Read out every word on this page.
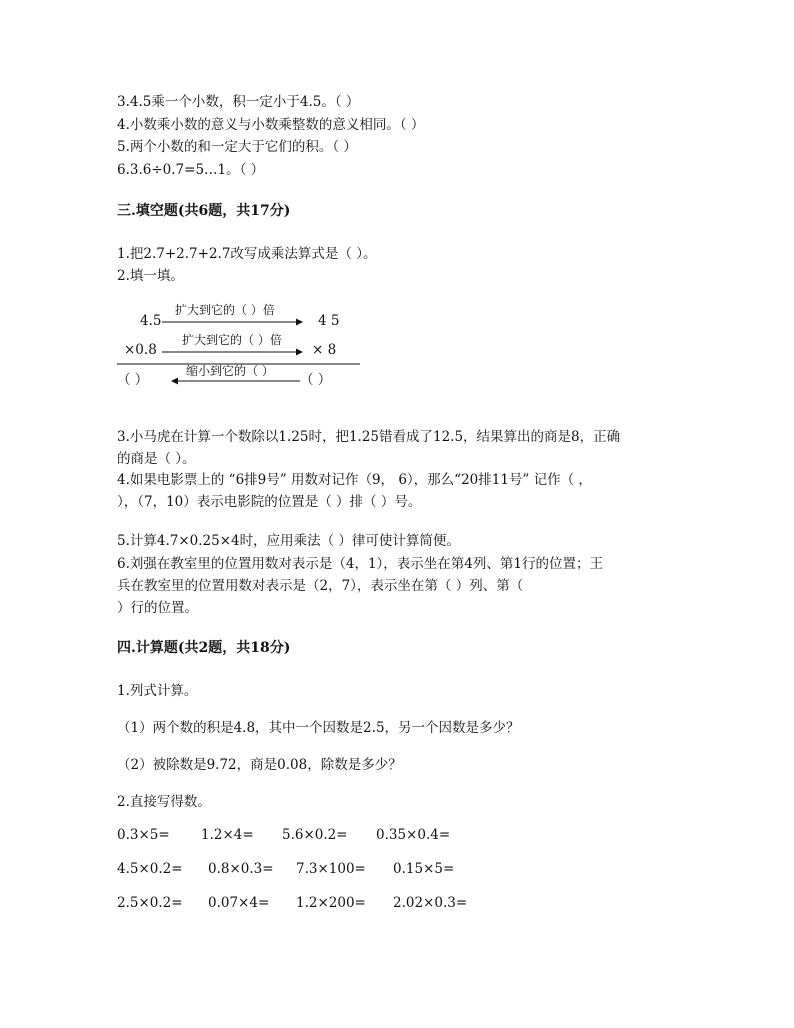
3.4.5乘一个小数，积一定小于4.5。（ ）
4.小数乘小数的意义与小数乘整数的意义相同。（ ）
5.两个小数的和一定大于它们的积。（ ）
6.3.6÷0.7=5…1。（ ）
三.填空题(共6题，共17分)
1.把2.7+2.7+2.7改写成乘法算式是（ ）。
2.填一填。
4.5
×0.8
（ ）
4 5
× 8
（ ）
扩大到它的（ ）倍
扩大到它的（ ）倍
缩小到它的（ ）
3.小马虎在计算一个数除以1.25时，把1.25错看成了12.5，结果算出的商是8，正确
的商是（ ）。
4.如果电影票上的 “6排9号” 用数对记作（9， 6），那么“20排11号” 记作（ ，
），（7，10）表示电影院的位置是（ ）排（ ）号。
5.计算4.7×0.25×4时，应用乘法（ ）律可使计算简便。
6.刘强在教室里的位置用数对表示是（4，1），表示坐在第4列、第1行的位置；王
兵在教室里的位置用数对表示是（2，7），表示坐在第（ ）列、第（
）行的位置。
四.计算题(共2题，共18分)
1.列式计算。
（1）两个数的积是4.8，其中一个因数是2.5，另一个因数是多少？
（2）被除数是9.72，商是0.08，除数是多少？
2.直接写得数。
0.3×5= 1.2×4= 5.6×0.2= 0.35×0.4=
4.5×0.2= 0.8×0.3= 7.3×100= 0.15×5=
2.5×0.2= 0.07×4= 1.2×200= 2.02×0.3=
